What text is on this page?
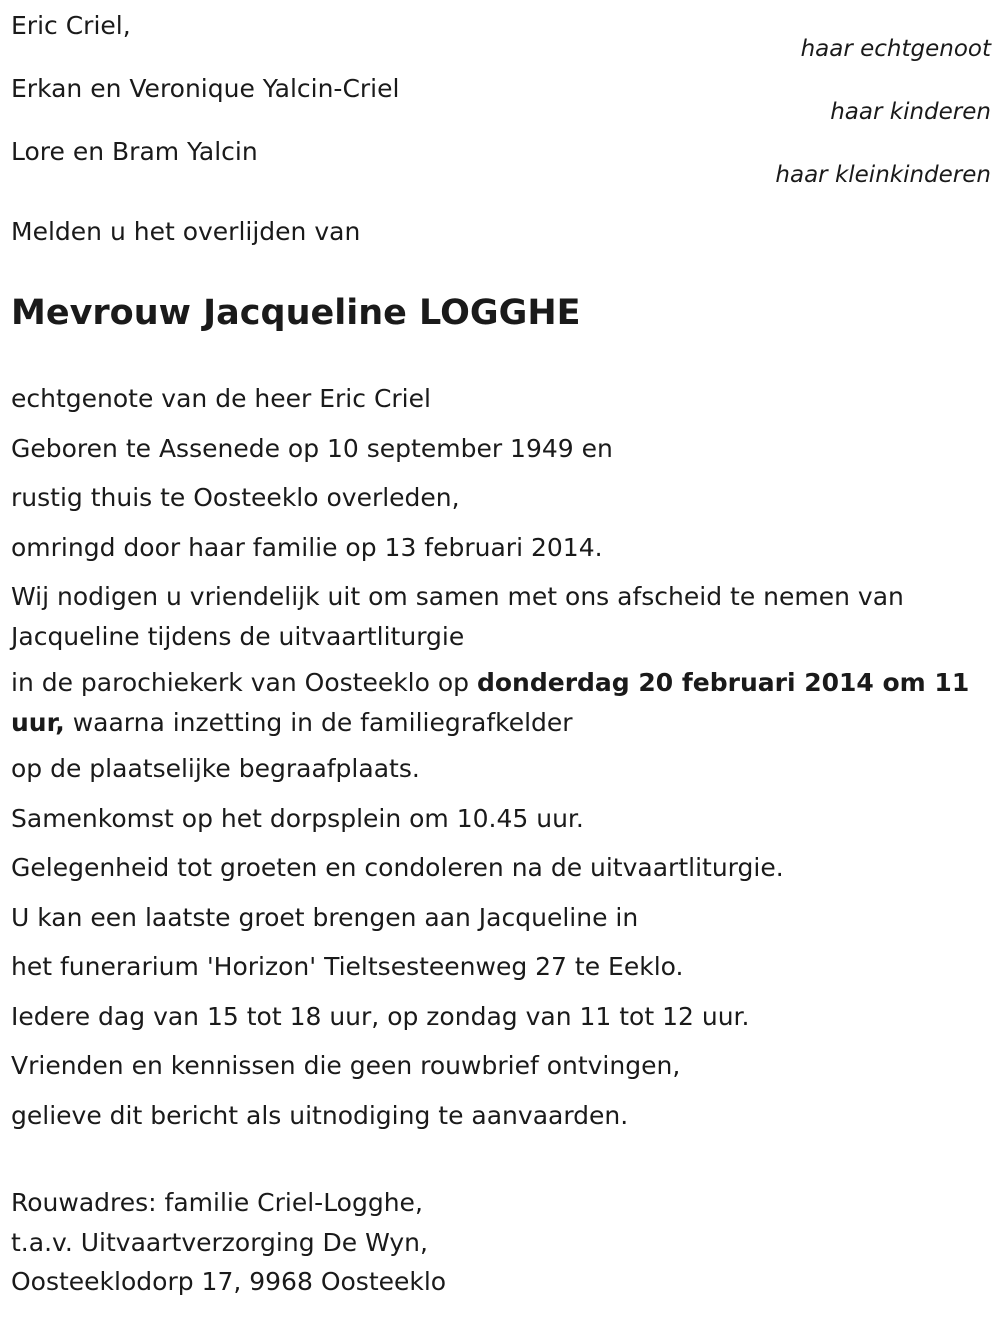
Eric Criel,
haar echtgenoot
Erkan en Veronique Yalcin-Criel
haar kinderen
Lore en Bram Yalcin
haar kleinkinderen
Melden u het overlijden van
Mevrouw Jacqueline LOGGHE
echtgenote van de heer Eric Criel
Geboren te Assenede op 10 september 1949 en
rustig thuis te Oosteeklo overleden,
omringd door haar familie op 13 februari 2014.
Wij nodigen u vriendelijk uit om samen met ons afscheid te nemen van Jacqueline tijdens de uitvaartliturgie
in de parochiekerk van Oosteeklo op donderdag 20 februari 2014 om 11 uur, waarna inzetting in de familiegrafkelder
op de plaatselijke begraafplaats.
Samenkomst op het dorpsplein om 10.45 uur.
Gelegenheid tot groeten en condoleren na de uitvaartliturgie.
U kan een laatste groet brengen aan Jacqueline in
het funerarium 'Horizon' Tieltsesteenweg 27 te Eeklo.
Iedere dag van 15 tot 18 uur, op zondag van 11 tot 12 uur.
Vrienden en kennissen die geen rouwbrief ontvingen,
gelieve dit bericht als uitnodiging te aanvaarden.
Rouwadres: familie Criel-Logghe,
t.a.v. Uitvaartverzorging De Wyn,
Oosteeklodorp 17, 9968 Oosteeklo
